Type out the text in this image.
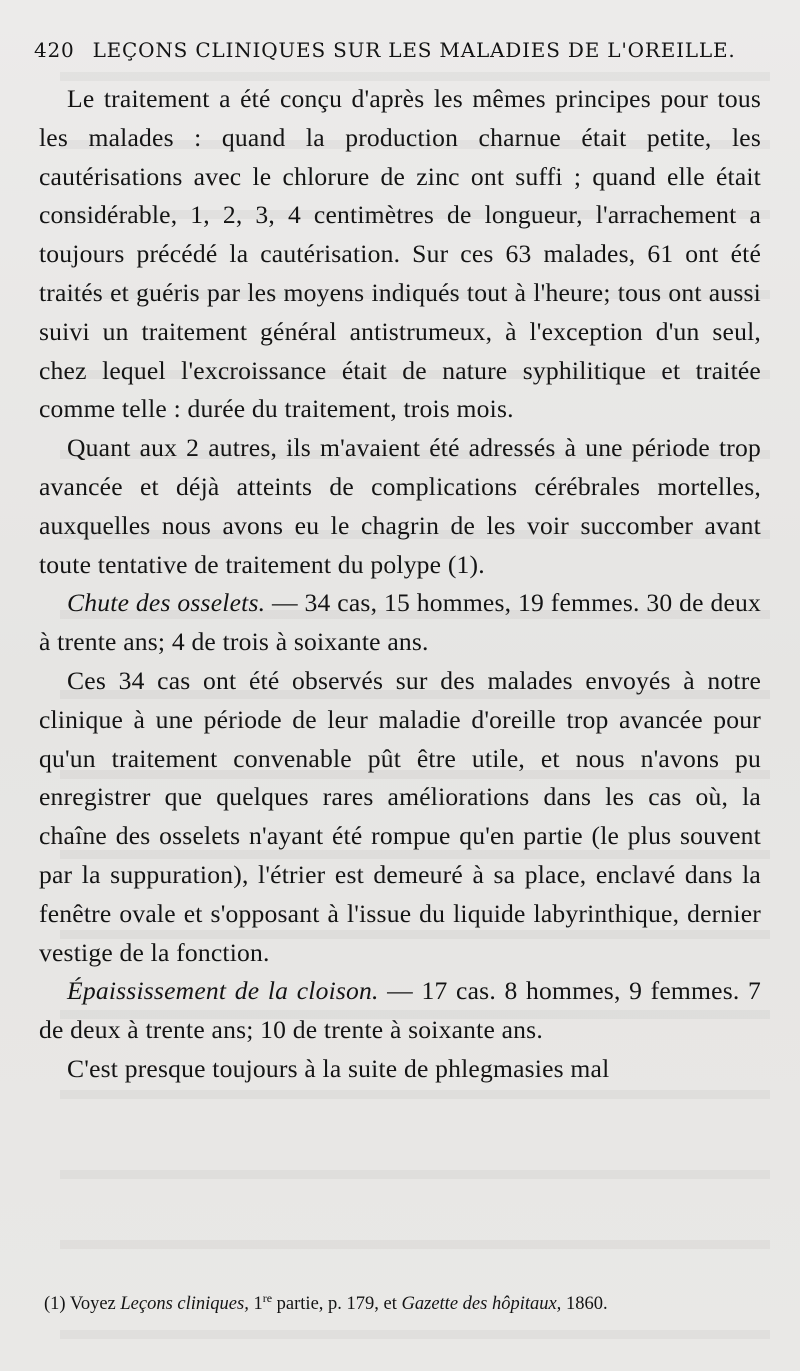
420 LEÇONS CLINIQUES SUR LES MALADIES DE L'OREILLE.

Le traitement a été conçu d'après les mêmes principes pour tous les malades : quand la production charnue était petite, les cautérisations avec le chlorure de zinc ont suffi ; quand elle était considérable, 1, 2, 3, 4 centimètres de longueur, l'arrachement a toujours précédé la cautérisation. Sur ces 63 malades, 61 ont été traités et guéris par les moyens indiqués tout à l'heure; tous ont aussi suivi un traitement général antistrumeux, à l'exception d'un seul, chez lequel l'excroissance était de nature syphilitique et traitée comme telle : durée du traitement, trois mois.

Quant aux 2 autres, ils m'avaient été adressés à une période trop avancée et déjà atteints de complications cérébrales mortelles, auxquelles nous avons eu le chagrin de les voir succomber avant toute tentative de traitement du polype (1).

Chute des osselets. — 34 cas, 15 hommes, 19 femmes. 30 de deux à trente ans; 4 de trois à soixante ans.

Ces 34 cas ont été observés sur des malades envoyés à notre clinique à une période de leur maladie d'oreille trop avancée pour qu'un traitement convenable pût être utile, et nous n'avons pu enregistrer que quelques rares améliorations dans les cas où, la chaîne des osselets n'ayant été rompue qu'en partie (le plus souvent par la suppuration), l'étrier est demeuré à sa place, enclavé dans la fenêtre ovale et s'opposant à l'issue du liquide labyrinthique, dernier vestige de la fonction.

Épaississement de la cloison. — 17 cas. 8 hommes, 9 femmes. 7 de deux à trente ans; 10 de trente à soixante ans.

C'est presque toujours à la suite de phlegmasies mal

(1) Voyez Leçons cliniques, 1re partie, p. 179, et Gazette des hôpitaux, 1860.
